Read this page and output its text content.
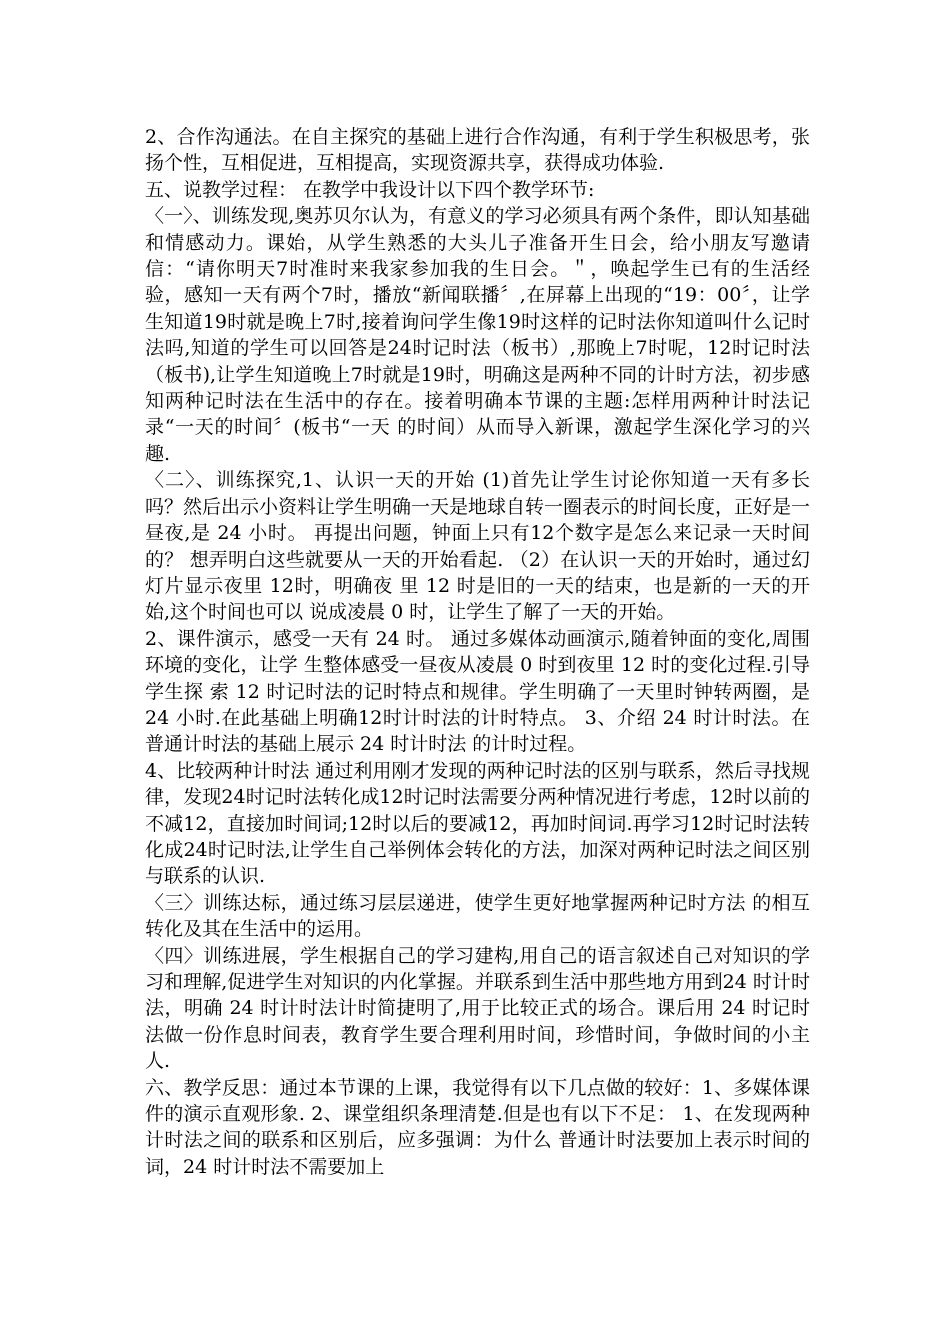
2、合作沟通法。在自主探究的基础上进行合作沟通，有利于学生积极思考，张扬个性，互相促进，互相提高，实现资源共享，获得成功体验.

五、说教学过程： 在教学中我设计以下四个教学环节:

〈一〉、训练发现,奥苏贝尔认为，有意义的学习必须具有两个条件，即认知基础和情感动力。课始，从学生熟悉的大头儿子准备开生日会，给小朋友写邀请信：“请你明天7时准时来我家参加我的生日会。＂，唤起学生已有的生活经验，感知一天有两个7时，播放“新闻联播〞,在屏幕上出现的“19：00〞，让学生知道19时就是晚上7时,接着询问学生像19时这样的记时法你知道叫什么记时法吗,知道的学生可以回答是24时记时法（板书）,那晚上7时呢，12时记时法（板书),让学生知道晚上7时就是19时，明确这是两种不同的计时方法，初步感知两种记时法在生活中的存在。接着明确本节课的主题:怎样用两种计时法记录“一天的时间〞(板书“一天 的时间）从而导入新课，激起学生深化学习的兴趣.

〈二〉、训练探究,1、认识一天的开始 (1)首先让学生讨论你知道一天有多长吗？然后出示小资料让学生明确一天是地球自转一圈表示的时间长度，正好是一昼夜,是 24 小时。 再提出问题，钟面上只有12个数字是怎么来记录一天时间的？ 想弄明白这些就要从一天的开始看起. （2）在认识一天的开始时，通过幻灯片显示夜里 12时，明确夜 里 12 时是旧的一天的结束，也是新的一天的开始,这个时间也可以 说成凌晨 0 时，让学生了解了一天的开始。

2、课件演示，感受一天有 24 时。 通过多媒体动画演示,随着钟面的变化,周围环境的变化，让学 生整体感受一昼夜从凌晨 0 时到夜里 12 时的变化过程.引导学生探 索 12 时记时法的记时特点和规律。学生明确了一天里时钟转两圈，是 24 小时.在此基础上明确12时计时法的计时特点。 3、介绍 24 时计时法。在普通计时法的基础上展示 24 时计时法 的计时过程。

4、比较两种计时法 通过利用刚才发现的两种记时法的区别与联系，然后寻找规律，发现24时记时法转化成12时记时法需要分两种情况进行考虑，12时以前的不减12，直接加时间词;12时以后的要减12，再加时间词.再学习12时记时法转化成24时记时法,让学生自己举例体会转化的方法，加深对两种记时法之间区别与联系的认识.

〈三〉训练达标，通过练习层层递进，使学生更好地掌握两种记时方法 的相互转化及其在生活中的运用。

〈四〉训练进展，学生根据自己的学习建构,用自己的语言叙述自己对知识的学习和理解,促进学生对知识的内化掌握。并联系到生活中那些地方用到24 时计时法，明确 24 时计时法计时简捷明了,用于比较正式的场合。课后用 24 时记时法做一份作息时间表，教育学生要合理利用时间，珍惜时间，争做时间的小主人.

六、教学反思：通过本节课的上课，我觉得有以下几点做的较好：1、多媒体课件的演示直观形象. 2、课堂组织条理清楚.但是也有以下不足： 1、在发现两种计时法之间的联系和区别后，应多强调：为什么 普通计时法要加上表示时间的词，24 时计时法不需要加上
